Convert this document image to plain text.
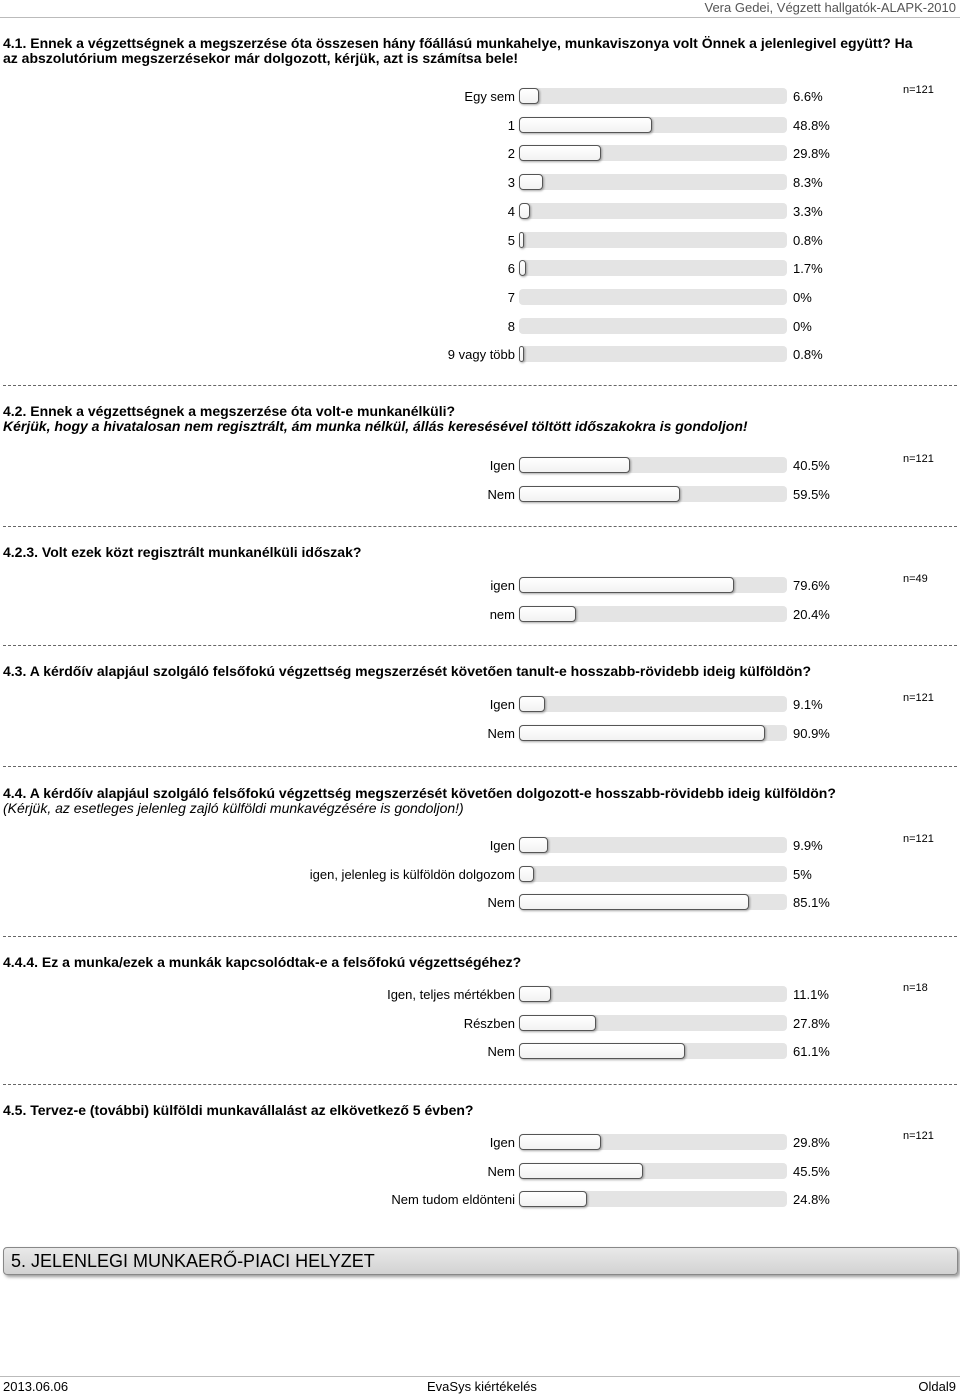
Vera Gedei, Végzett hallgatók-ALAPK-2010
4.1. Ennek a végzettségnek a megszerzése óta összesen hány főállású munkahelye, munkaviszonya volt Önnek a jelenlegivel együtt? Ha az abszolutórium megszerzésekor már dolgozott, kérjük, azt is számítsa bele!
n=121
Egy sem	6.6%
1	48.8%
2	29.8%
3	8.3%
4	3.3%
5	0.8%
6	1.7%
7	0%
8	0%
9 vagy több	0.8%
4.2. Ennek a végzettségnek a megszerzése óta volt-e munkanélküli?
Kérjük, hogy a hivatalosan nem regisztrált, ám munka nélkül, állás keresésével töltött időszakokra is gondoljon!
n=121
Igen	40.5%
Nem	59.5%
4.2.3. Volt ezek közt regisztrált munkanélküli időszak?
n=49
igen	79.6%
nem	20.4%
4.3. A kérdőív alapjául szolgáló felsőfokú végzettség megszerzését követően tanult-e hosszabb-rövidebb ideig külföldön?
n=121
Igen	9.1%
Nem	90.9%
4.4. A kérdőív alapjául szolgáló felsőfokú végzettség megszerzését követően dolgozott-e hosszabb-rövidebb ideig külföldön?
(Kérjük, az esetleges jelenleg zajló külföldi munkavégzésére is gondoljon!)
n=121
Igen	9.9%
igen, jelenleg is külföldön dolgozom	5%
Nem	85.1%
4.4.4. Ez a munka/ezek a munkák kapcsolódtak-e a felsőfokú végzettségéhez?
n=18
Igen, teljes mértékben	11.1%
Részben	27.8%
Nem	61.1%
4.5. Tervez-e (további) külföldi munkavállalást az elkövetkező 5 évben?
n=121
Igen	29.8%
Nem	45.5%
Nem tudom eldönteni	24.8%
5. JELENLEGI MUNKAERŐ-PIACI HELYZET
2013.06.06	EvaSys kiértékelés	Oldal9
